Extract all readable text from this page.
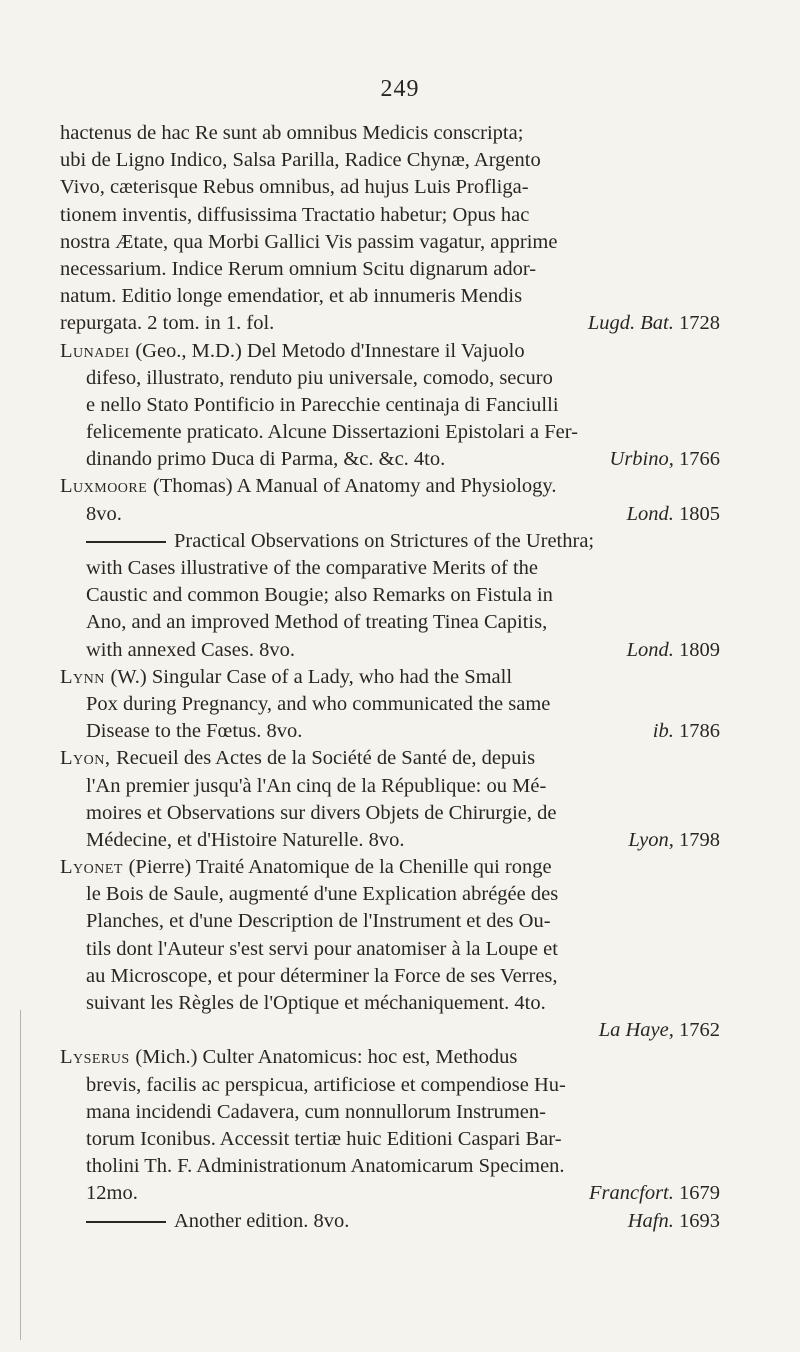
249
hactenus de hac Re sunt ab omnibus Medicis conscripta;
ubi de Ligno Indico, Salsa Parilla, Radice Chynæ, Argento
Vivo, cæterisque Rebus omnibus, ad hujus Luis Profliga-
tionem inventis, diffusissima Tractatio habetur; Opus hac
nostra Ætate, qua Morbi Gallici Vis passim vagatur, apprime
necessarium. Indice Rerum omnium Scitu dignarum ador-
natum. Editio longe emendatior, et ab innumeris Mendis
repurgata. 2 tom. in 1. fol.	Lugd. Bat. 1728
Lunadei (Geo., M.D.) Del Metodo d'Innestare il Vajuolo
difeso, illustrato, renduto piu universale, comodo, securo
e nello Stato Pontificio in Parecchie centinaja di Fanciulli
felicemente praticato. Alcune Dissertazioni Epistolari a Fer-
dinando primo Duca di Parma, &c. &c. 4to.	Urbino, 1766
Luxmoore (Thomas) A Manual of Anatomy and Physiology.
8vo.	Lond. 1805
Practical Observations on Strictures of the Urethra;
with Cases illustrative of the comparative Merits of the
Caustic and common Bougie; also Remarks on Fistula in
Ano, and an improved Method of treating Tinea Capitis,
with annexed Cases. 8vo.	Lond. 1809
Lynn (W.) Singular Case of a Lady, who had the Small
Pox during Pregnancy, and who communicated the same
Disease to the Fœtus. 8vo.	ib. 1786
Lyon, Recueil des Actes de la Société de Santé de, depuis
l'An premier jusqu'à l'An cinq de la République: ou Mé-
moires et Observations sur divers Objets de Chirurgie, de
Médecine, et d'Histoire Naturelle. 8vo.	Lyon, 1798
Lyonet (Pierre) Traité Anatomique de la Chenille qui ronge
le Bois de Saule, augmenté d'une Explication abrégée des
Planches, et d'une Description de l'Instrument et des Ou-
tils dont l'Auteur s'est servi pour anatomiser à la Loupe et
au Microscope, et pour déterminer la Force de ses Verres,
suivant les Règles de l'Optique et méchaniquement. 4to.
La Haye, 1762
Lyserus (Mich.) Culter Anatomicus: hoc est, Methodus
brevis, facilis ac perspicua, artificiose et compendiose Hu-
mana incidendi Cadavera, cum nonnullorum Instrumen-
torum Iconibus. Accessit tertiæ huic Editioni Caspari Bar-
tholini Th. F. Administrationum Anatomicarum Specimen.
12mo.	Francfort. 1679
Another edition. 8vo.	Hafn. 1693
